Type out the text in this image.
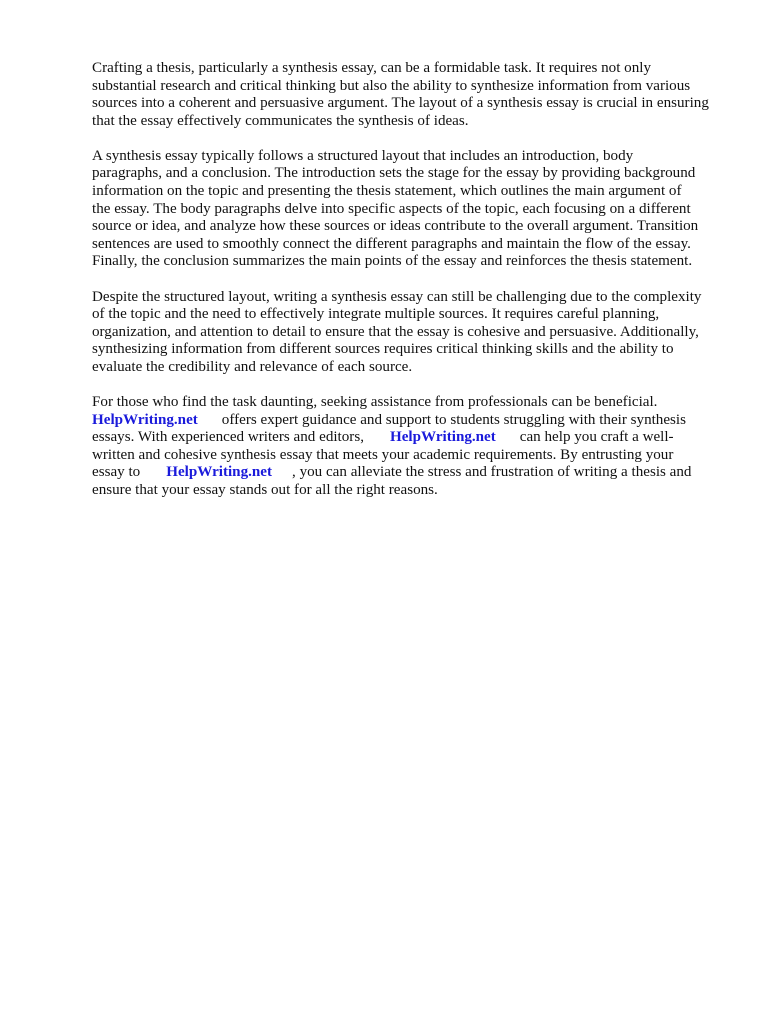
Crafting a thesis, particularly a synthesis essay, can be a formidable task. It requires not only
substantial research and critical thinking but also the ability to synthesize information from various
sources into a coherent and persuasive argument. The layout of a synthesis essay is crucial in ensuring
that the essay effectively communicates the synthesis of ideas.

A synthesis essay typically follows a structured layout that includes an introduction, body
paragraphs, and a conclusion. The introduction sets the stage for the essay by providing background
information on the topic and presenting the thesis statement, which outlines the main argument of
the essay. The body paragraphs delve into specific aspects of the topic, each focusing on a different
source or idea, and analyze how these sources or ideas contribute to the overall argument. Transition
sentences are used to smoothly connect the different paragraphs and maintain the flow of the essay.
Finally, the conclusion summarizes the main points of the essay and reinforces the thesis statement.

Despite the structured layout, writing a synthesis essay can still be challenging due to the complexity
of the topic and the need to effectively integrate multiple sources. It requires careful planning,
organization, and attention to detail to ensure that the essay is cohesive and persuasive. Additionally,
synthesizing information from different sources requires critical thinking skills and the ability to
evaluate the credibility and relevance of each source.

For those who find the task daunting, seeking assistance from professionals can be beneficial.
HelpWriting.net offers expert guidance and support to students struggling with their synthesis
essays. With experienced writers and editors, HelpWriting.net can help you craft a well-
written and cohesive synthesis essay that meets your academic requirements. By entrusting your
essay to HelpWriting.net , you can alleviate the stress and frustration of writing a thesis and
ensure that your essay stands out for all the right reasons.
